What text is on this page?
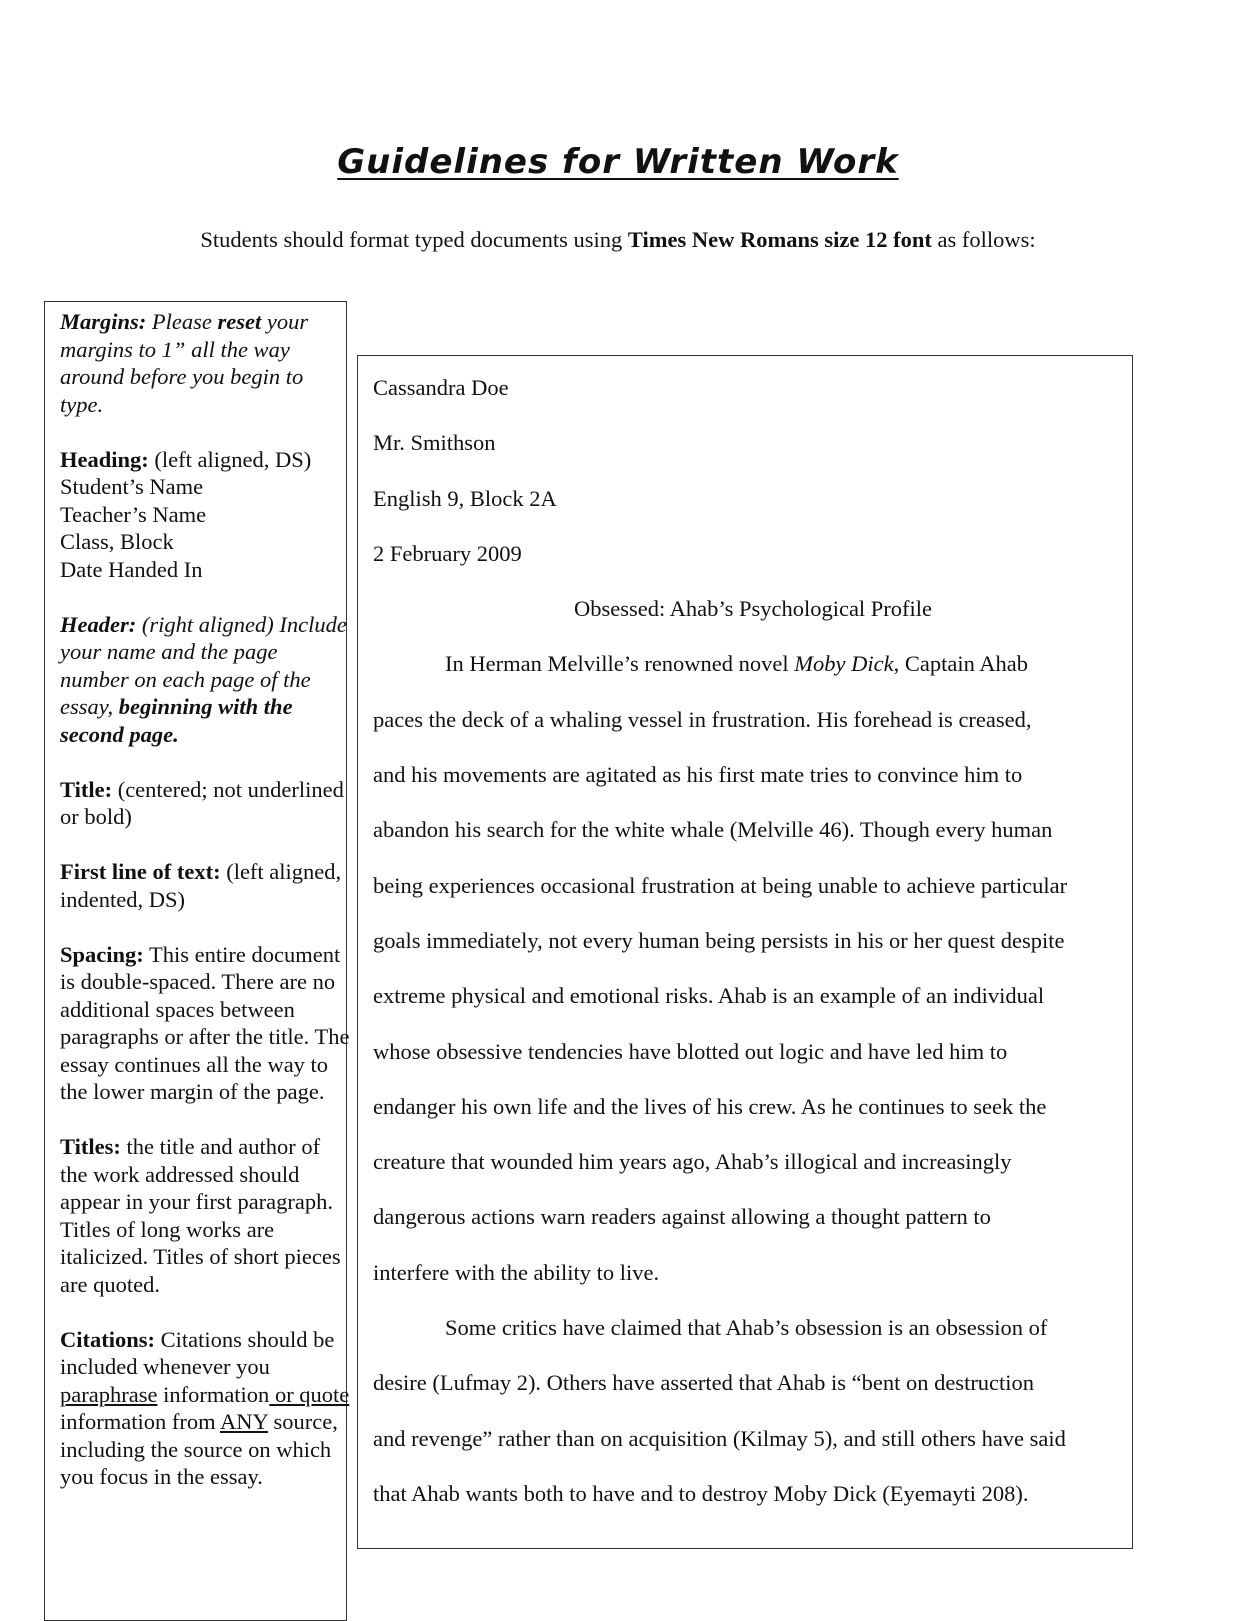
Guidelines for Written Work
Students should format typed documents using Times New Romans size 12 font as follows:
Margins: Please reset your margins to 1” all the way around before you begin to type.
Heading: (left aligned, DS)
Student’s Name
Teacher’s Name
Class, Block
Date Handed In
Header: (right aligned) Include your name and the page number on each page of the essay, beginning with the second page.
Title: (centered; not underlined or bold)
First line of text: (left aligned, indented, DS)
Spacing: This entire document is double-spaced. There are no additional spaces between paragraphs or after the title. The essay continues all the way to the lower margin of the page.
Titles: the title and author of the work addressed should appear in your first paragraph. Titles of long works are italicized. Titles of short pieces are quoted.
Citations: Citations should be included whenever you paraphrase information or quote information from ANY source, including the source on which you focus in the essay.
Cassandra Doe
Mr. Smithson
English 9, Block 2A
2 February 2009
Obsessed: Ahab’s Psychological Profile
In Herman Melville’s renowned novel Moby Dick, Captain Ahab
paces the deck of a whaling vessel in frustration. His forehead is creased,
and his movements are agitated as his first mate tries to convince him to
abandon his search for the white whale (Melville 46). Though every human
being experiences occasional frustration at being unable to achieve particular
goals immediately, not every human being persists in his or her quest despite
extreme physical and emotional risks. Ahab is an example of an individual
whose obsessive tendencies have blotted out logic and have led him to
endanger his own life and the lives of his crew. As he continues to seek the
creature that wounded him years ago, Ahab’s illogical and increasingly
dangerous actions warn readers against allowing a thought pattern to
interfere with the ability to live.
Some critics have claimed that Ahab’s obsession is an obsession of
desire (Lufmay 2). Others have asserted that Ahab is “bent on destruction
and revenge” rather than on acquisition (Kilmay 5), and still others have said
that Ahab wants both to have and to destroy Moby Dick (Eyemayti 208).
